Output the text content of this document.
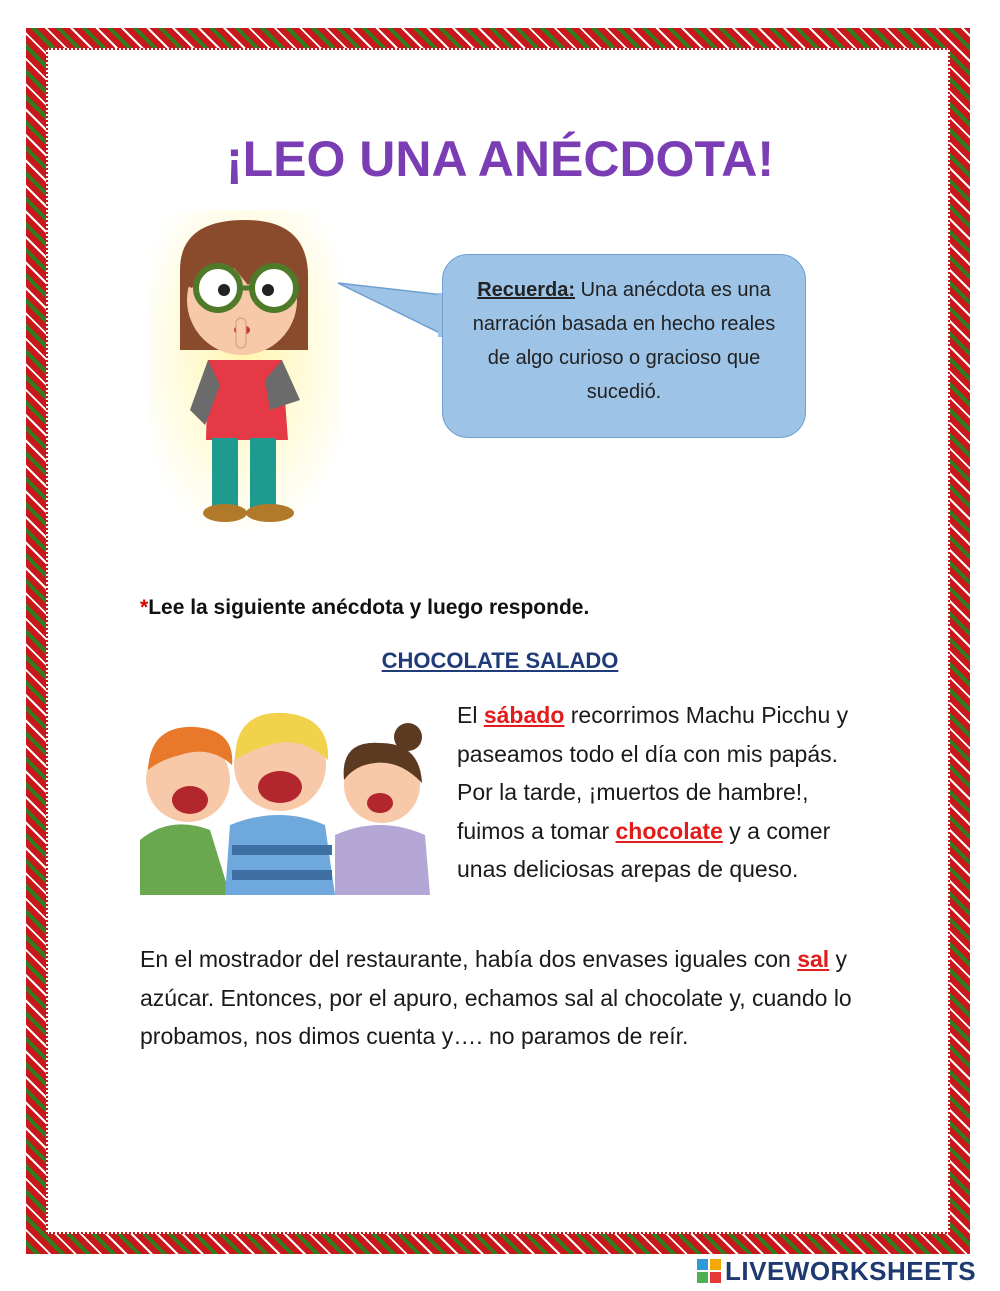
¡LEO UNA ANÉCDOTA!
Recuerda: Una anécdota es una narración basada en hecho reales de algo curioso o gracioso que sucedió.
*Lee la siguiente anécdota y luego responde.
CHOCOLATE SALADO
El sábado recorrimos Machu Picchu y paseamos todo el día con mis papás. Por la tarde, ¡muertos de hambre!, fuimos a tomar chocolate y a comer unas deliciosas arepas de queso.
En el mostrador del restaurante, había dos envases iguales con sal y azúcar. Entonces, por el apuro, echamos sal al chocolate y, cuando lo probamos, nos dimos cuenta y…. no paramos de reír.
LIVEWORKSHEETS
